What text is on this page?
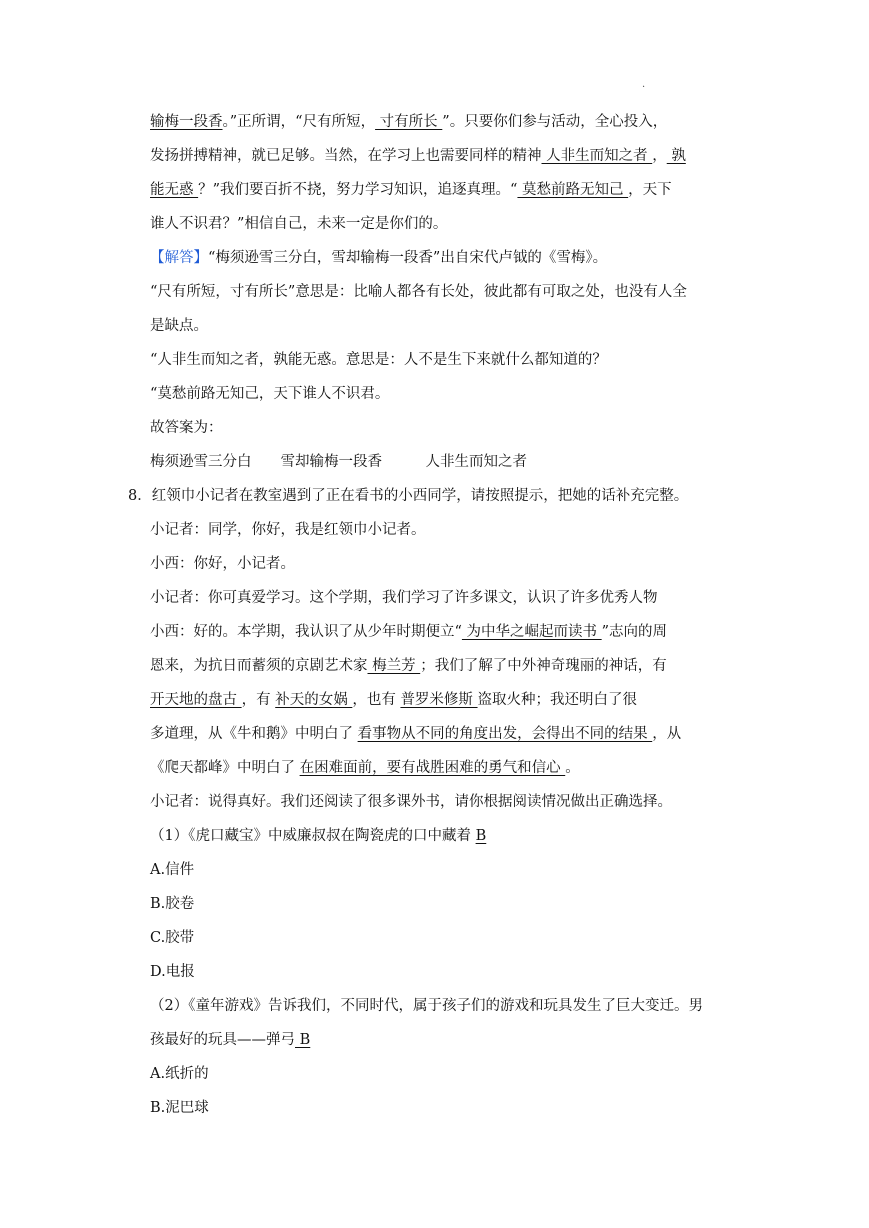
·
输梅一段香。”正所谓，“尺有所短， 寸有所长 ”。只要你们参与活动，全心投入，
发扬拼搏精神，就已足够。当然，在学习上也需要同样的精神 人非生而知之者 ， 孰
能无惑 ？”我们要百折不挠，努力学习知识，追逐真理。“ 莫愁前路无知己 ，天下
谁人不识君？”相信自己，未来一定是你们的。
【解答】“梅须逊雪三分白，雪却输梅一段香”出自宋代卢钺的《雪梅》。
“尺有所短，寸有所长”意思是：比喻人都各有长处，彼此都有可取之处，也没有人全
是缺点。
“人非生而知之者，孰能无惑。意思是：人不是生下来就什么都知道的？
“莫愁前路无知己，天下谁人不识君。
故答案为：
梅须逊雪三分白　　雪却输梅一段香　　　人非生而知之者
8．红领巾小记者在教室遇到了正在看书的小西同学，请按照提示，把她的话补充完整。
小记者：同学，你好，我是红领巾小记者。
小西：你好，小记者。
小记者：你可真爱学习。这个学期，我们学习了许多课文，认识了许多优秀人物
小西：好的。本学期，我认识了从少年时期便立“ 为中华之崛起而读书 ”志向的周
恩来，为抗日而蓄须的京剧艺术家 梅兰芳 ；我们了解了中外神奇瑰丽的神话，有
开天地的盘古 ，有 补天的女娲 ，也有 普罗米修斯 盗取火种；我还明白了很
多道理，从《牛和鹅》中明白了 看事物从不同的角度出发，会得出不同的结果 ，从
《爬天都峰》中明白了 在困难面前，要有战胜困难的勇气和信心 。
小记者：说得真好。我们还阅读了很多课外书，请你根据阅读情况做出正确选择。
（1）《虎口藏宝》中威廉叔叔在陶瓷虎的口中藏着 B
A.信件
B.胶卷
C.胶带
D.电报
（2）《童年游戏》告诉我们，不同时代，属于孩子们的游戏和玩具发生了巨大变迁。男
孩最好的玩具——弹弓 B
A.纸折的
B.泥巴球
